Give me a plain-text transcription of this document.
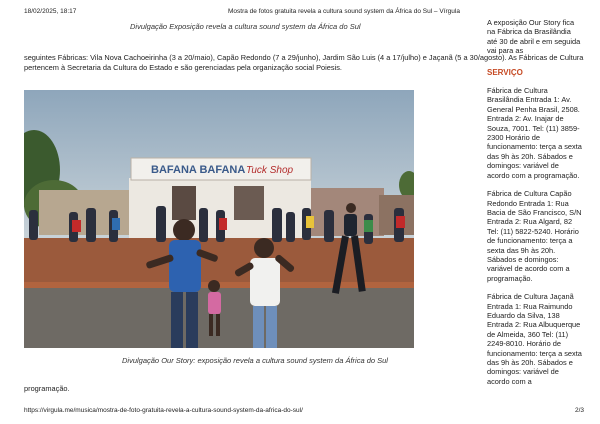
18/02/2025, 18:17	Mostra de fotos gratuita revela a cultura sound system da África do Sul – Vírgula
Divulgação Exposição revela a cultura sound system da África do Sul

seguintes Fábricas: Vila Nova Cachoeirinha (3 a 20/maio), Capão Redondo (7 a 29/junho), Jardim São Luis (4 a 17/julho) e Jaçanã (5 a 30/agosto). As Fábricas de Cultura pertencem à Secretaria da Cultura do Estado e são gerenciadas pela organização social Poiesis.

BAFANA BAFANA Tuck Shop
Divulgação Our Story: exposição revela a cultura sound system da África do Sul

programação.

A exposição Our Story fica na Fábrica da Brasilândia até 30 de abril e em seguida vai para as

SERVIÇO

Fábrica de Cultura Brasilândia Entrada 1: Av. General Penha Brasil, 2508. Entrada 2: Av. Inajar de Souza, 7001. Tel: (11) 3859-2300 Horário de funcionamento: terça a sexta das 9h às 20h. Sábados e domingos: variável de acordo com a programação.

Fábrica de Cultura Capão Redondo Entrada 1: Rua Bacia de São Francisco, S/N Entrada 2: Rua Algard, 82 Tel: (11) 5822-5240. Horário de funcionamento: terça a sexta das 9h às 20h. Sábados e domingos: variável de acordo com a programação.

Fábrica de Cultura Jaçanã Entrada 1: Rua Raimundo Eduardo da Silva, 138 Entrada 2: Rua Albuquerque de Almeida, 360 Tel: (11) 2249-8010. Horário de funcionamento: terça a sexta das 9h às 20h. Sábados e domingos: variável de acordo com a

https://virgula.me/musica/mostra-de-foto-gratuita-revela-a-cultura-sound-system-da-africa-do-sul/	2/3
